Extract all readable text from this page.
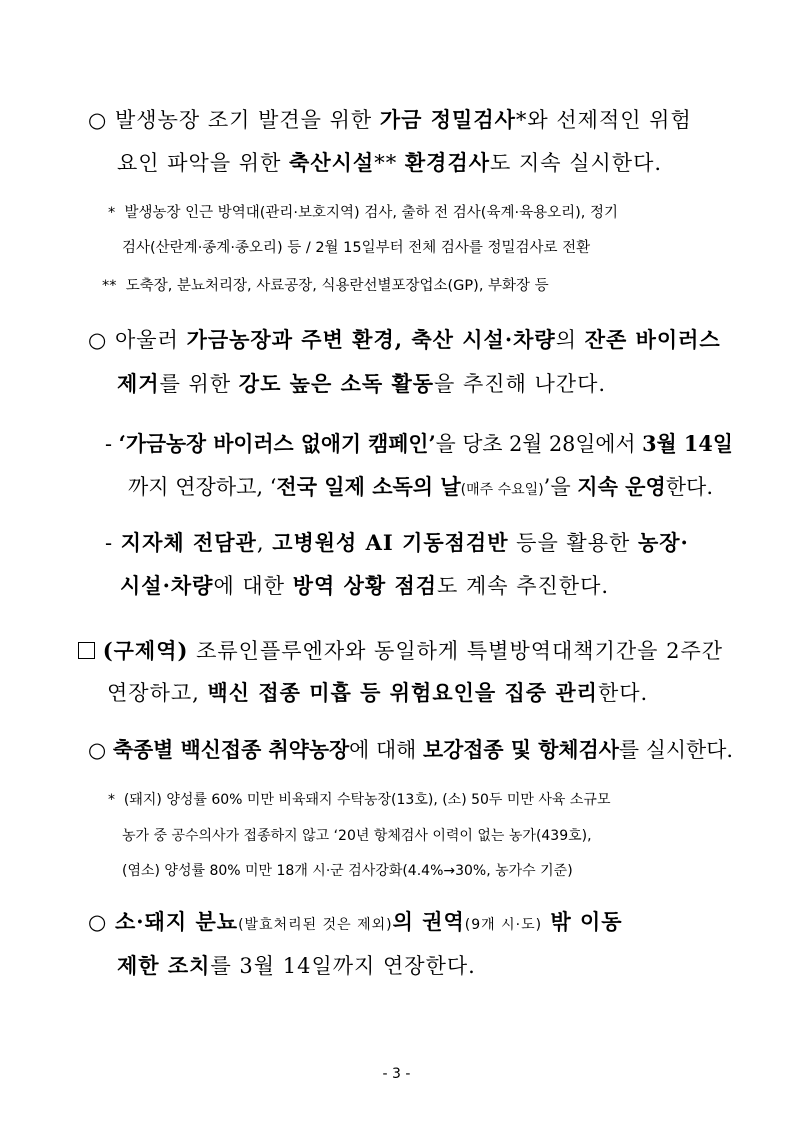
○ 발생농장 조기 발견을 위한 가금 정밀검사*와 선제적인 위험
요인 파악을 위한 축산시설** 환경검사도 지속 실시한다.
* 발생농장 인근 방역대(관리·보호지역) 검사, 출하 전 검사(육계·육용오리), 정기
검사(산란계·종계·종오리) 등 / 2월 15일부터 전체 검사를 정밀검사로 전환
** 도축장, 분뇨처리장, 사료공장, 식용란선별포장업소(GP), 부화장 등
○ 아울러 가금농장과 주변 환경, 축산 시설·차량의 잔존 바이러스
제거를 위한 강도 높은 소독 활동을 추진해 나간다.
- ‘가금농장 바이러스 없애기 캠페인’을 당초 2월 28일에서 3월 14일
까지 연장하고, ‘전국 일제 소독의 날(매주 수요일)’을 지속 운영한다.
- 지자체 전담관, 고병원성 AI 기동점검반 등을 활용한 농장·
시설·차량에 대한 방역 상황 점검도 계속 추진한다.
(구제역) 조류인플루엔자와 동일하게 특별방역대책기간을 2주간
연장하고, 백신 접종 미흡 등 위험요인을 집중 관리한다.
○ 축종별 백신접종 취약농장에 대해 보강접종 및 항체검사를 실시한다.
* (돼지) 양성률 60% 미만 비육돼지 수탁농장(13호), (소) 50두 미만 사육 소규모
농가 중 공수의사가 접종하지 않고 ‘20년 항체검사 이력이 없는 농가(439호),
(염소) 양성률 80% 미만 18개 시·군 검사강화(4.4%→30%, 농가수 기준)
○ 소·돼지 분뇨(발효처리된 것은 제외)의 권역(9개 시·도) 밖 이동
제한 조치를 3월 14일까지 연장한다.
- 3 -
